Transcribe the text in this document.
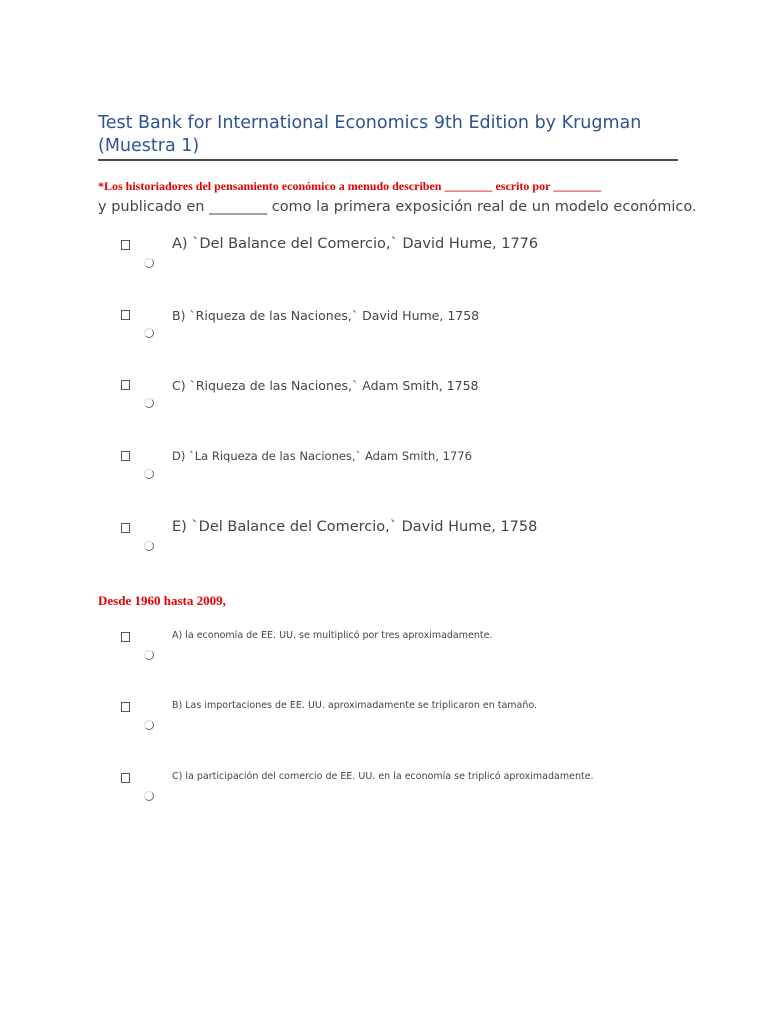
Test Bank for International Economics 9th Edition by Krugman (Muestra 1)
*Los historiadores del pensamiento económico a menudo describen ________ escrito por ________
y publicado en ________ como la primera exposición real de un modelo económico.
A) `Del Balance del Comercio,` David Hume, 1776
B) `Riqueza de las Naciones,` David Hume, 1758
C) `Riqueza de las Naciones,` Adam Smith, 1758
D) `La Riqueza de las Naciones,` Adam Smith, 1776
E) `Del Balance del Comercio,` David Hume, 1758
Desde 1960 hasta 2009,
A) la economía de EE. UU. se multiplicó por tres aproximadamente.
B) Las importaciones de EE. UU. aproximadamente se triplicaron en tamaño.
C) la participación del comercio de EE. UU. en la economía se triplicó aproximadamente.
